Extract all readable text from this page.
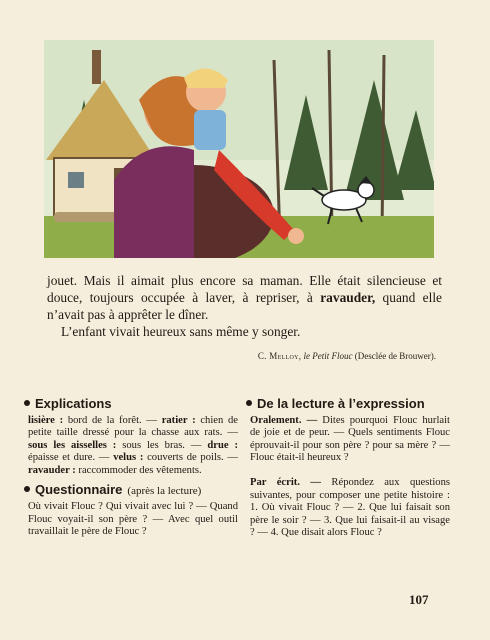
jouet. Mais il aimait plus encore sa maman. Elle était silencieuse et douce, toujours occupée à laver, à repriser, à ravauder, quand elle n’avait pas à apprêter le dîner.

L’enfant vivait heureux sans même y songer.

C. Melloy, le Petit Flouc (Desclée de Brouwer).
Explications

lisière : bord de la forêt. — ratier : chien de petite taille dressé pour la chasse aux rats. — sous les aisselles : sous les bras. — drue : épaisse et dure. — velus : couverts de poils. — ravauder : raccommoder des vêtements.

Questionnaire (après la lecture)

Où vivait Flouc ? Qui vivait avec lui ? — Quand Flouc voyait-il son père ? — Avec quel outil travaillait le père de Flouc ?

De la lecture à l’expression

Oralement. — Dites pourquoi Flouc hurlait de joie et de peur. — Quels sentiments Flouc éprouvait-il pour son père ? pour sa mère ? — Flouc était-il heureux ?

Par écrit. — Répondez aux questions suivantes, pour composer une petite histoire : 1. Où vivait Flouc ? — 2. Que lui faisait son père le soir ? — 3. Que lui faisait-il au visage ? — 4. Que disait alors Flouc ?

107
